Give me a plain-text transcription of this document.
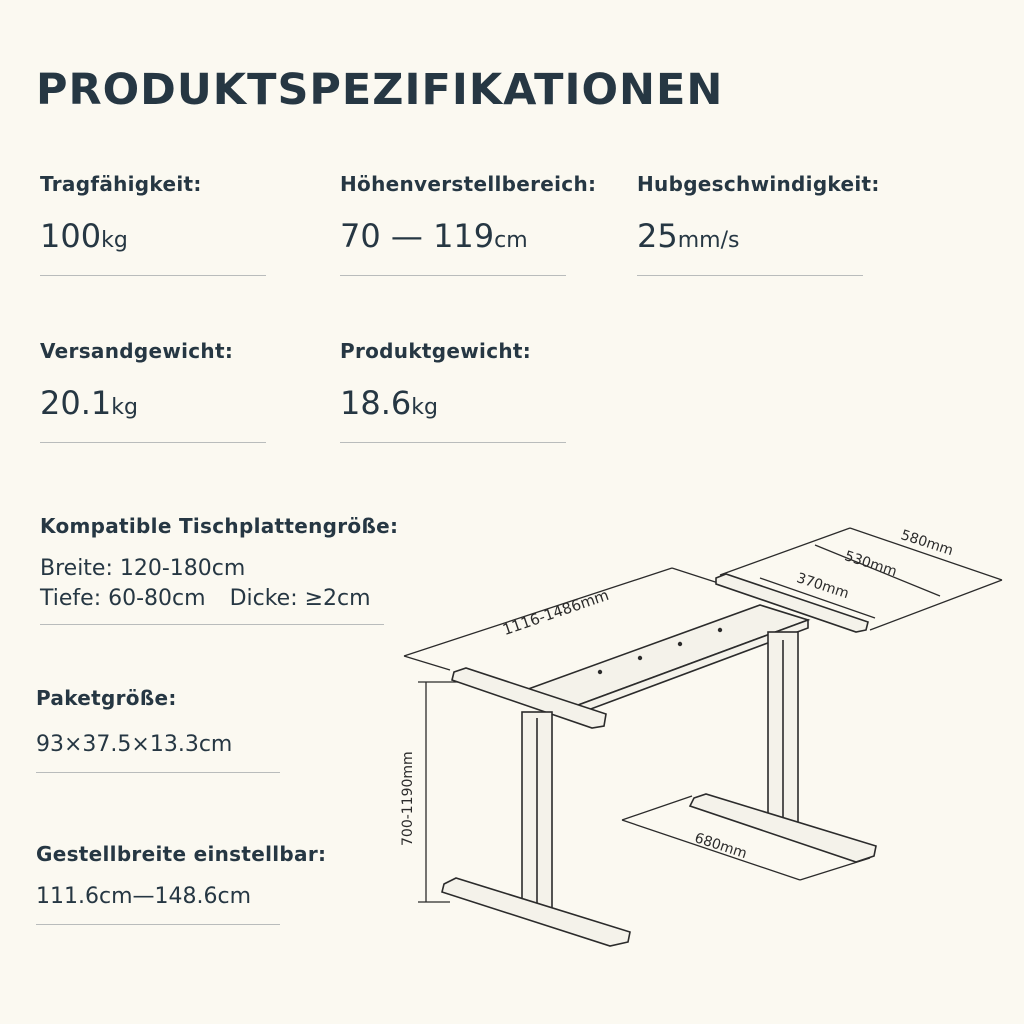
PRODUKTSPEZIFIKATIONEN
Tragfähigkeit:
100kg
Höhenverstellbereich:
70 — 119cm
Hubgeschwindigkeit:
25mm/s
Versandgewicht:
20.1kg
Produktgewicht:
18.6kg
Kompatible Tischplattengröße:
Breite: 120-180cm
Tiefe: 60-80cm Dicke: ≥2cm
Paketgröße:
93×37.5×13.3cm
Gestellbreite einstellbar:
111.6cm—148.6cm
1116-1486mm
580mm
530mm
370mm
700-1190mm
680mm
